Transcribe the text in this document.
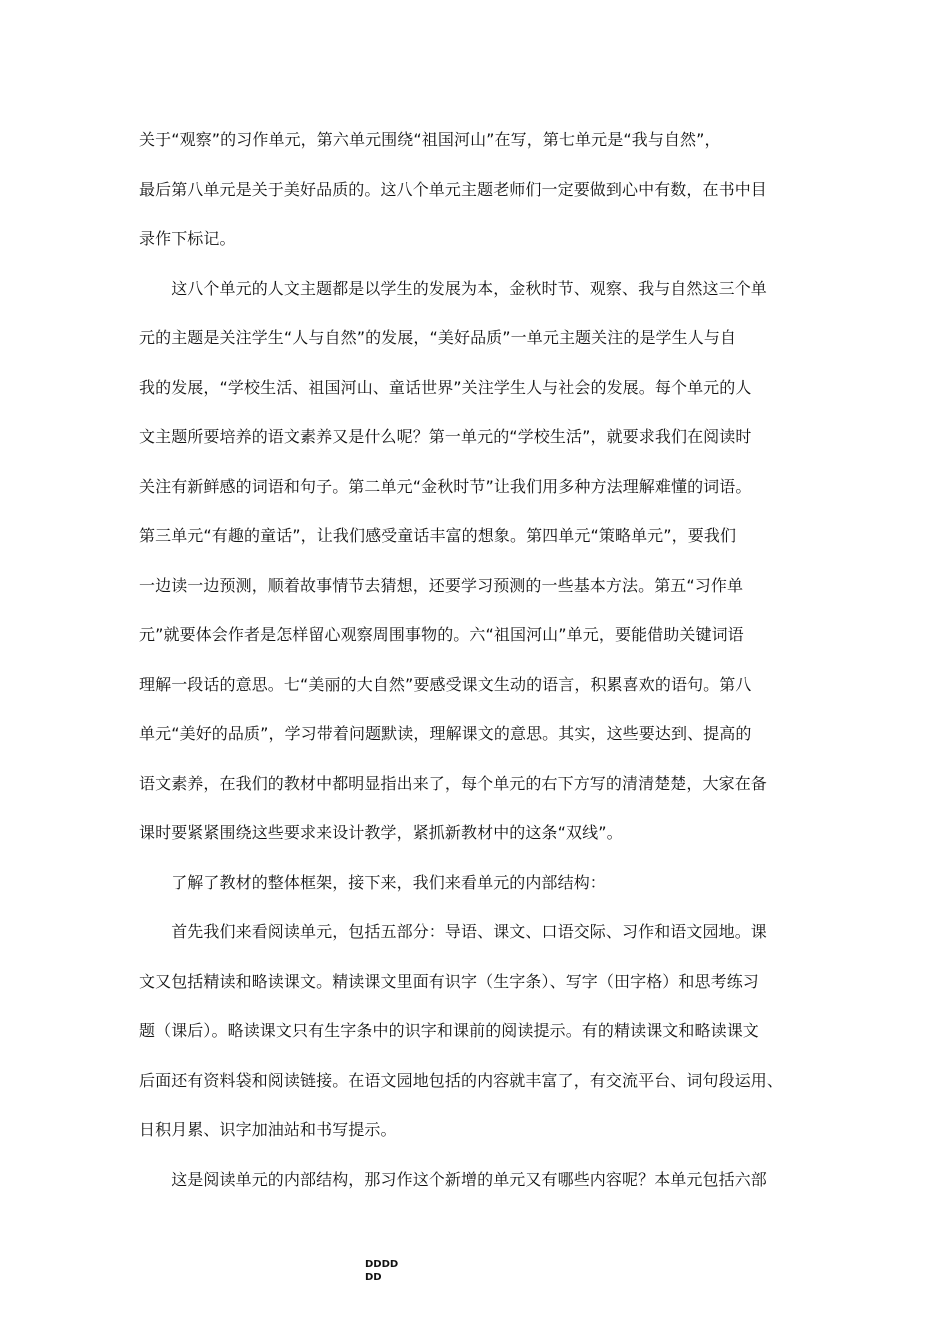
关于“观察”的习作单元，第六单元围绕“祖国河山”在写，第七单元是“我与自然”，
最后第八单元是关于美好品质的。这八个单元主题老师们一定要做到心中有数，在书中目
录作下标记。
　　这八个单元的人文主题都是以学生的发展为本，金秋时节、观察、我与自然这三个单
元的主题是关注学生“人与自然”的发展，“美好品质”一单元主题关注的是学生人与自
我的发展，“学校生活、祖国河山、童话世界”关注学生人与社会的发展。每个单元的人
文主题所要培养的语文素养又是什么呢？第一单元的“学校生活”，就要求我们在阅读时
关注有新鲜感的词语和句子。第二单元“金秋时节”让我们用多种方法理解难懂的词语。
第三单元“有趣的童话”，让我们感受童话丰富的想象。第四单元“策略单元”，要我们
一边读一边预测，顺着故事情节去猜想，还要学习预测的一些基本方法。第五“习作单
元”就要体会作者是怎样留心观察周围事物的。六“祖国河山”单元，要能借助关键词语
理解一段话的意思。七“美丽的大自然”要感受课文生动的语言，积累喜欢的语句。第八
单元“美好的品质”，学习带着问题默读，理解课文的意思。其实，这些要达到、提高的
语文素养，在我们的教材中都明显指出来了，每个单元的右下方写的清清楚楚，大家在备
课时要紧紧围绕这些要求来设计教学，紧抓新教材中的这条“双线”。
　　了解了教材的整体框架，接下来，我们来看单元的内部结构：
　　首先我们来看阅读单元，包括五部分：导语、课文、口语交际、习作和语文园地。课
文又包括精读和略读课文。精读课文里面有识字（生字条）、写字（田字格）和思考练习
题（课后）。略读课文只有生字条中的识字和课前的阅读提示。有的精读课文和略读课文
后面还有资料袋和阅读链接。在语文园地包括的内容就丰富了，有交流平台、词句段运用、
日积月累、识字加油站和书写提示。
　　这是阅读单元的内部结构，那习作这个新增的单元又有哪些内容呢？本单元包括六部
DDDD
DD
